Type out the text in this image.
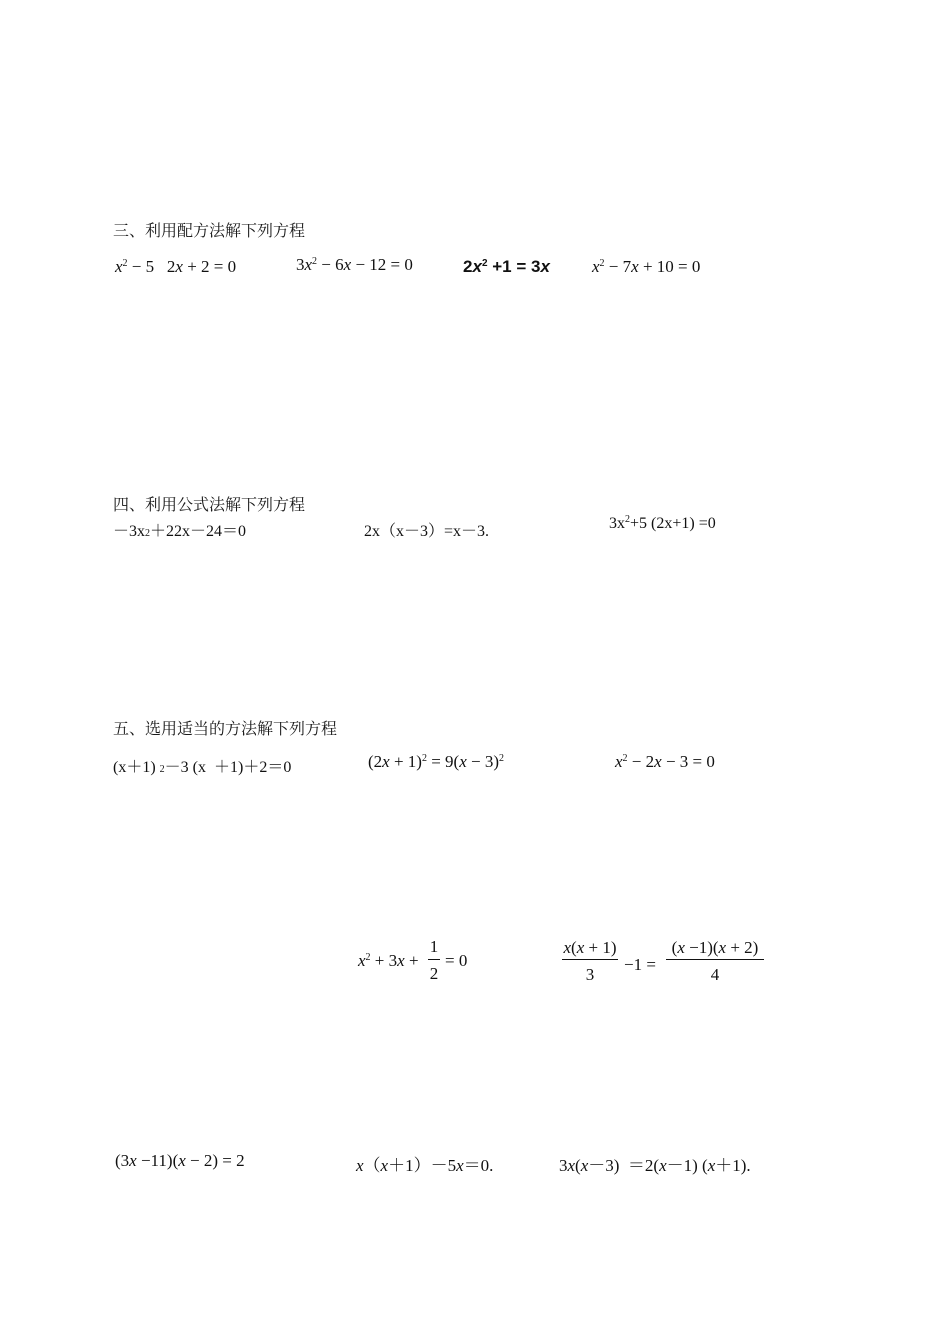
三、利用配方法解下列方程
$x^2 - 5$   2x + 2 = 0	$3x^2 - 6x - 12 = 0$	$2x^2 +1 = 3x$ $x^2 - 7x + 10 = 0$
四、利用公式法解下列方程
－3x2＋22x－24＝0	2x（x－3）=x－3.	$3x^2+5$ (2x+1) =0
五、选用适当的方法解下列方程
(x＋1) 2－3 (x  ＋1)＋2＝0	$(2x + 1)^2 = 9(x - 3)^2$	$x^2 - 2x - 3 = 0$
$x^2 + 3x$ +
1
2
= 0
x(x + 1)
3
−1 =
(x −1)(x + 2)
4
(3x −11)(x − 2) = 2	x（x＋1）－5x＝0.	3x(x－3)  ＝2(x－1) (x＋1).
